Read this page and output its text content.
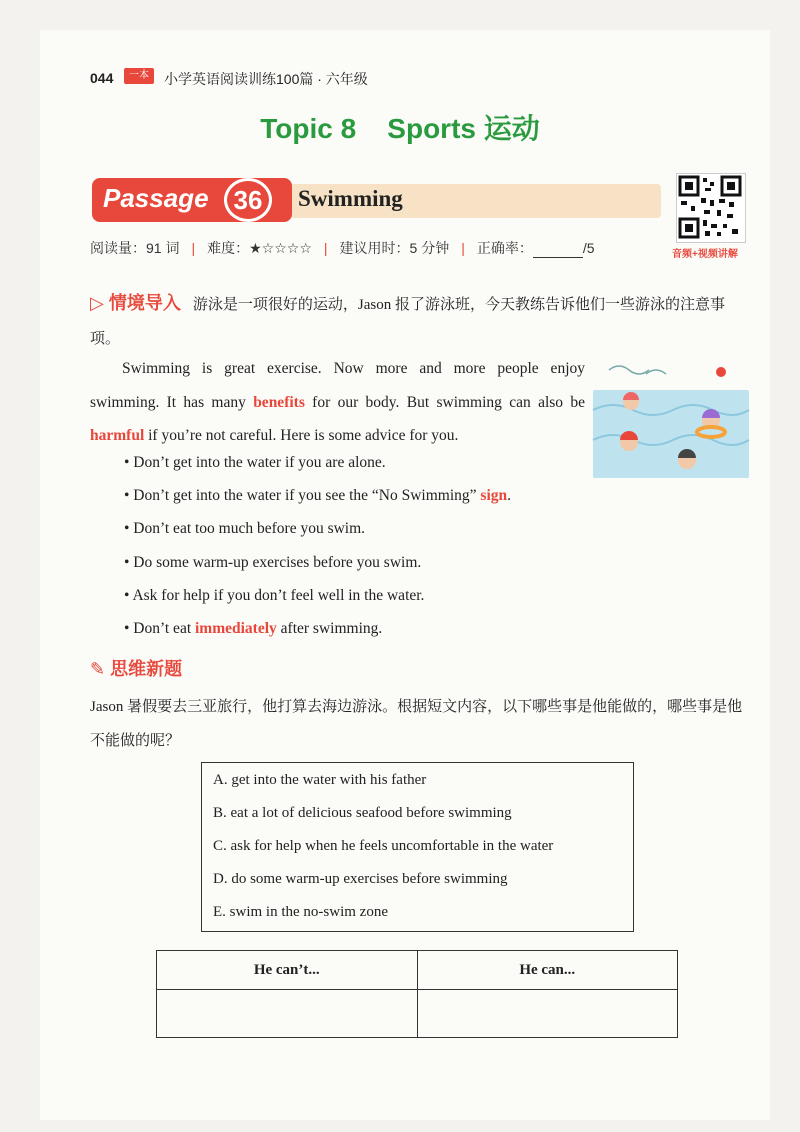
044	一本	小学英语阅读训练100篇 · 六年级
Topic 8    Sports 运动
Passage 36	Swimming
音频+视频讲解
阅读量：91 词 | 难度：★☆☆☆☆ | 建议用时：5 分钟 | 正确率：	/5
▷ 情境导入 游泳是一项很好的运动，Jason 报了游泳班，今天教练告诉他们一些游泳的注意事项。

Swimming is great exercise. Now more and more people enjoy swimming. It has many benefits for our body. But swimming can also be harmful if you’re not careful. Here is some advice for you.

• Don’t get into the water if you are alone.
• Don’t get into the water if you see the “No Swimming” sign.
• Don’t eat too much before you swim.
• Do some warm-up exercises before you swim.
• Ask for help if you don’t feel well in the water.
• Don’t eat immediately after swimming.
✎ 思维新题
Jason 暑假要去三亚旅行，他打算去海边游泳。根据短文内容，以下哪些事是他能做的，哪些事是他不能做的呢？
A. get into the water with his father
B. eat a lot of delicious seafood before swimming
C. ask for help when he feels uncomfortable in the water
D. do some warm-up exercises before swimming
E. swim in the no-swim zone
He can’t...	He can...
